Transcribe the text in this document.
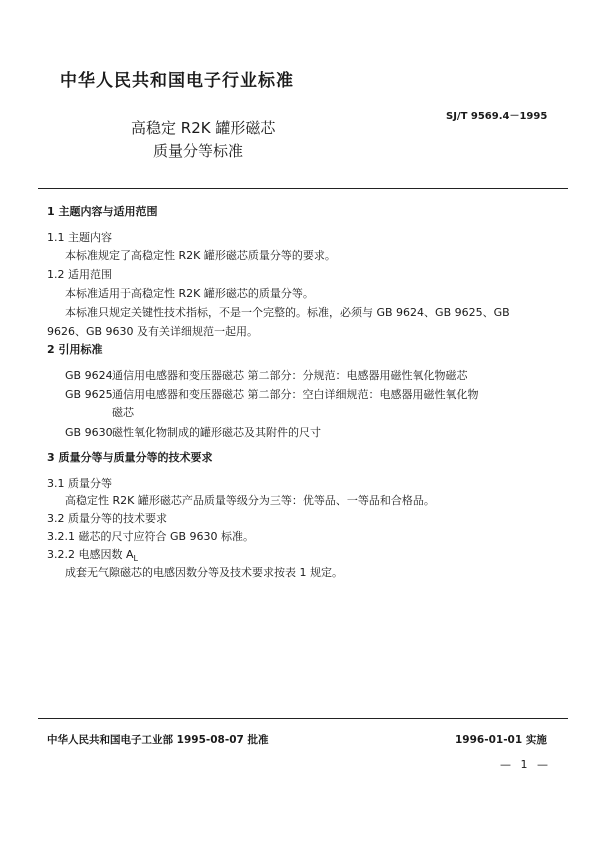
中华人民共和国电子行业标准
高稳定 R2K 罐形磁芯
SJ/T 9569.4－1995
质量分等标准
1 主题内容与适用范围
1.1 主题内容
本标准规定了高稳定性 R2K 罐形磁芯质量分等的要求。
1.2 适用范围
本标准适用于高稳定性 R2K 罐形磁芯的质量分等。
本标准只规定关键性技术指标，不是一个完整的。标准，必须与 GB 9624、GB 9625、GB
9626、GB 9630 及有关详细规范一起用。
2 引用标准
GB 9624 通信用电感器和变压器磁芯 第二部分：分规范：电感器用磁性氧化物磁芯
GB 9625 通信用电感器和变压器磁芯 第二部分：空白详细规范：电感器用磁性氧化物
磁芯
GB 9630 磁性氧化物制成的罐形磁芯及其附件的尺寸
3 质量分等与质量分等的技术要求
3.1 质量分等
高稳定性 R2K 罐形磁芯产品质量等级分为三等：优等品、一等品和合格品。
3.2 质量分等的技术要求
3.2.1 磁芯的尺寸应符合 GB 9630 标准。
3.2.2 电感因数 $A_L$
成套无气隙磁芯的电感因数分等及技术要求按表 1 规定。
中华人民共和国电子工业部 1995-08-07 批准	1996-01-01 实施
— 1 —
